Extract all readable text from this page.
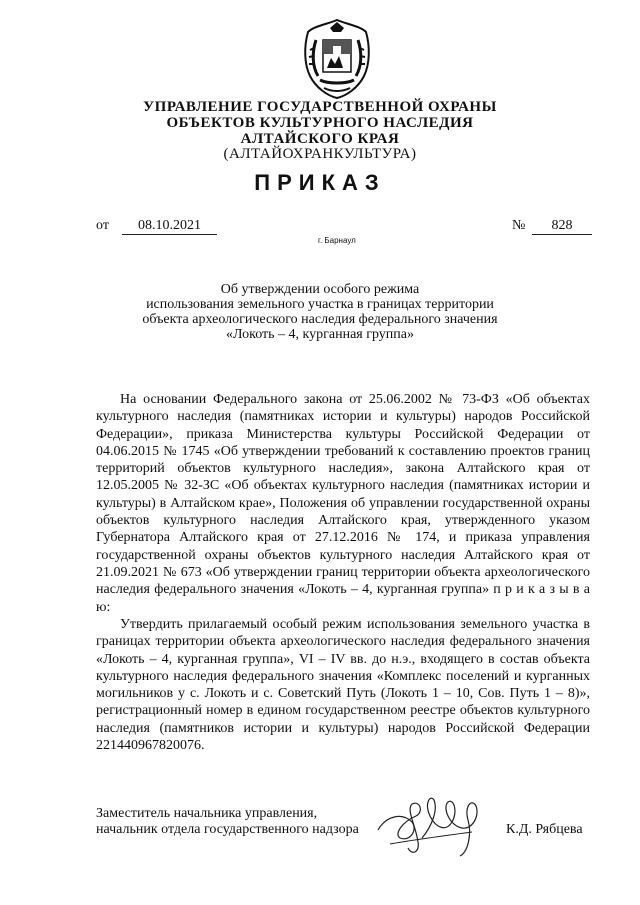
УПРАВЛЕНИЕ ГОСУДАРСТВЕННОЙ ОХРАНЫ
ОБЪЕКТОВ КУЛЬТУРНОГО НАСЛЕДИЯ
АЛТАЙСКОГО КРАЯ
(АЛТАЙОХРАНКУЛЬТУРА)
ПРИКАЗ
от	08.10.2021	№	828
г. Барнаул
Об утверждении особого режима
использования земельного участка в границах территории
объекта археологического наследия федерального значения
«Локоть – 4, курганная группа»
На основании Федерального закона от 25.06.2002 № 73-ФЗ «Об объектах культурного наследия (памятниках истории и культуры) народов Российской Федерации», приказа Министерства культуры Российской Федерации от 04.06.2015 № 1745 «Об утверждении требований к составлению проектов границ территорий объектов культурного наследия», закона Алтайского края от 12.05.2005 № 32-ЗС «Об объектах культурного наследия (памятниках истории и культуры) в Алтайском крае», Положения об управлении государственной охраны объектов культурного наследия Алтайского края, утвержденного указом Губернатора Алтайского края от 27.12.2016 № 174, и приказа управления государственной охраны объектов культурного наследия Алтайского края от 21.09.2021 № 673 «Об утверждении границ территории объекта археологического наследия федерального значения «Локоть – 4, курганная группа» п р и к а з ы в а ю:
Утвердить прилагаемый особый режим использования земельного участка в границах территории объекта археологического наследия федерального значения «Локоть – 4, курганная группа», VI – IV вв. до н.э., входящего в состав объекта культурного наследия федерального значения «Комплекс поселений и курганных могильников у с. Локоть и с. Советский Путь (Локоть 1 – 10, Сов. Путь 1 – 8)», регистрационный номер в едином государственном реестре объектов культурного наследия (памятников истории и культуры) народов Российской Федерации 221440967820076.
Заместитель начальника управления,
начальник отдела государственного надзора	К.Д. Рябцева
